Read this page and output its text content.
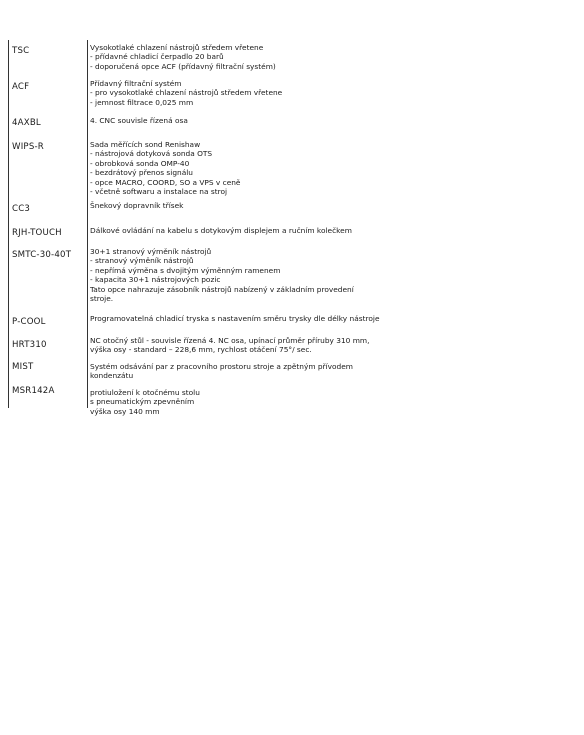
TSC	Vysokotlaké chlazení nástrojů středem vřetene
- přídavné chladicí čerpadlo 20 barů
- doporučená opce ACF (přídavný filtrační systém)
ACF	Přídavný filtrační systém
- pro vysokotlaké chlazení nástrojů středem vřetene
- jemnost filtrace 0,025 mm
4AXBL	4. CNC souvisle řízená osa
WIPS-R	Sada měřících sond Renishaw
- nástrojová dotyková sonda OTS
- obrobková sonda OMP-40
- bezdrátový přenos signálu
- opce MACRO, COORD, SO a VPS v ceně
- včetně softwaru a instalace na stroj
CC3	Šnekový dopravník třísek
RJH-TOUCH	Dálkové ovládání na kabelu s dotykovým displejem a ručním kolečkem
SMTC-30-40T	30+1 stranový výměník nástrojů
- stranový výměník nástrojů
- nepřímá výměna s dvojitým výměnným ramenem
- kapacita 30+1 nástrojových pozic
Tato opce nahrazuje zásobník nástrojů nabízený v základním provedení
stroje.
P-COOL	Programovatelná chladicí tryska s nastavením směru trysky dle délky nástroje
HRT310	NC otočný stůl - souvisle řízená 4. NC osa, upínací průměr příruby 310 mm,
výška osy - standard – 228,6 mm, rychlost otáčení 75°/ sec.
MIST	Systém odsávání par z pracovního prostoru stroje a zpětným přívodem
kondenzátu
MSR142A	protiuložení k otočnému stolu
s pneumatickým zpevněním
výška osy 140 mm
